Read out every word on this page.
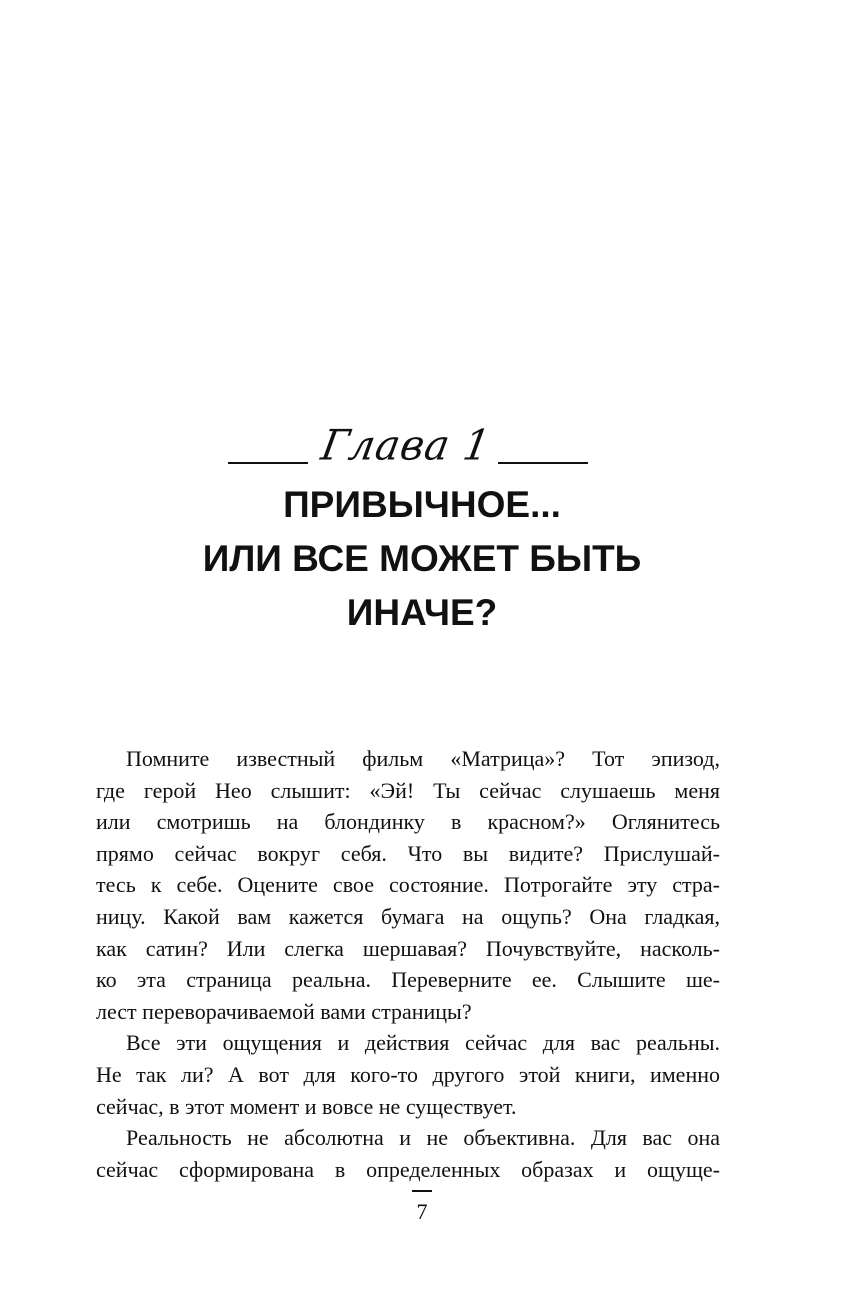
Глава 1
ПРИВЫЧНОЕ...
ИЛИ ВСЕ МОЖЕТ БЫТЬ
ИНАЧЕ?
Помните известный фильм «Матрица»? Тот эпизод,
где герой Нео слышит: «Эй! Ты сейчас слушаешь меня
или смотришь на блондинку в красном?» Оглянитесь
прямо сейчас вокруг себя. Что вы видите? Прислушай-
тесь к себе. Оцените свое состояние. Потрогайте эту стра-
ницу. Какой вам кажется бумага на ощупь? Она гладкая,
как сатин? Или слегка шершавая? Почувствуйте, насколь-
ко эта страница реальна. Переверните ее. Слышите ше-
лест переворачиваемой вами страницы?
Все эти ощущения и действия сейчас для вас реальны.
Не так ли? А вот для кого-то другого этой книги, именно
сейчас, в этот момент и вовсе не существует.
Реальность не абсолютна и не объективна. Для вас она
сейчас сформирована в определенных образах и ощуще-
7
